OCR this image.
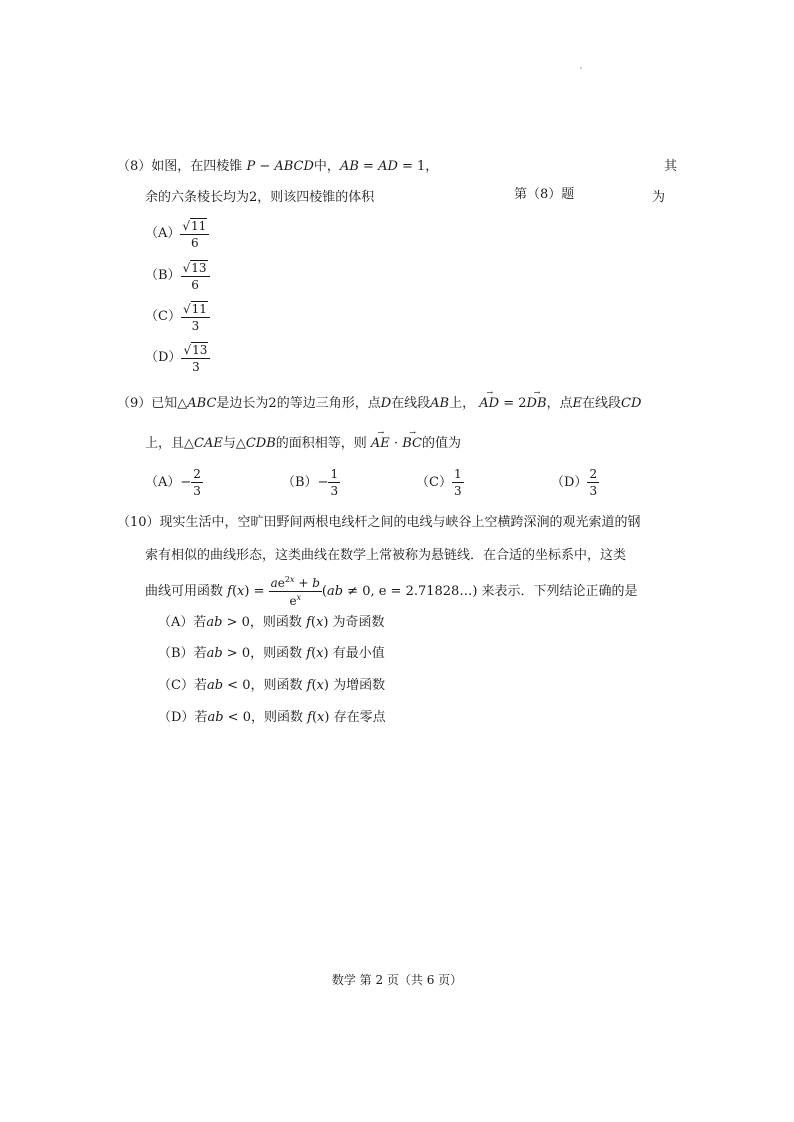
（8）如图，在四棱锥 P − ABCD中，AB = AD = 1，	其
余的六条棱长均为2，则该四棱锥的体积	第（8）题	为
$(A) \frac{√11}{6}$
$(B) \frac{√13}{6}$
$(C) \frac{√11}{3}$
$(D) \frac{√13}{3}$
（9）已知△ABC是边长为2的等边三角形，点D在线段AB上，
→
AD = 2
→
DB，点E在线段CD
上，且△CAE与△CDB的面积相等，则
→
AE ·
→
BC的值为
$(A)- \frac{2}{3}$	$(B)- \frac{1}{3}$	$(C) \frac{1}{3}$	$(D) \frac{2}{3}$
（10）现实生活中，空旷田野间两根电线杆之间的电线与峡谷上空横跨深涧的观光索道的钢
索有相似的曲线形态，这类曲线在数学上常被称为悬链线．在合适的坐标系中，这类
曲线可用函数 $f(x) = \frac{ae^{2x} + b}{e^x} (ab \ne 0$, e = 2.71828…) 来表示．下列结论正确的是
（A）若ab > 0，则函数 f(x) 为奇函数
（B）若ab > 0，则函数 f(x) 有最小值
（C）若ab < 0，则函数 f(x) 为增函数
（D）若ab < 0，则函数 f(x) 存在零点
数学 第 2 页（共 6 页）
